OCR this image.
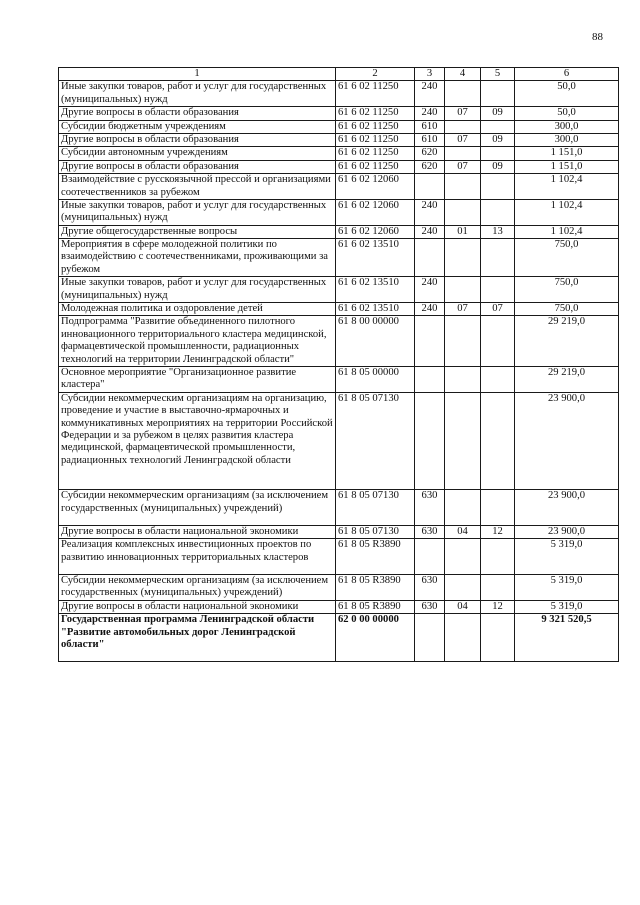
88
1	2	3	4	5	6
Иные закупки товаров, работ и услуг для государственных (муниципальных) нужд	61 6 02 11250	240			50,0
Другие вопросы в области образования	61 6 02 11250	240	07	09	50,0
Субсидии бюджетным учреждениям	61 6 02 11250	610			300,0
Другие вопросы в области образования	61 6 02 11250	610	07	09	300,0
Субсидии автономным учреждениям	61 6 02 11250	620			1 151,0
Другие вопросы в области образования	61 6 02 11250	620	07	09	1 151,0
Взаимодействие с русскоязычной прессой и организациями соотечественников за рубежом	61 6 02 12060				1 102,4
Иные закупки товаров, работ и услуг для государственных (муниципальных) нужд	61 6 02 12060	240			1 102,4
Другие общегосударственные вопросы	61 6 02 12060	240	01	13	1 102,4
Мероприятия в сфере молодежной политики по взаимодействию с соотечественниками, проживающими за рубежом	61 6 02 13510				750,0
Иные закупки товаров, работ и услуг для государственных (муниципальных) нужд	61 6 02 13510	240			750,0
Молодежная политика и оздоровление детей	61 6 02 13510	240	07	07	750,0
Подпрограмма "Развитие объединенного пилотного инновационного территориального кластера медицинской, фармацевтической промышленности, радиационных технологий на территории Ленинградской области"	61 8 00 00000				29 219,0
Основное мероприятие "Организационное развитие кластера"	61 8 05 00000				29 219,0
Субсидии некоммерческим организациям на организацию, проведение и участие в выставочно-ярмарочных и коммуникативных мероприятиях на территории Российской Федерации и за рубежом в целях развития кластера медицинской, фармацевтической промышленности, радиационных технологий Ленинградской области	61 8 05 07130				23 900,0
Субсидии некоммерческим организациям (за исключением государственных (муниципальных) учреждений)	61 8 05 07130	630			23 900,0
Другие вопросы в области национальной экономики	61 8 05 07130	630	04	12	23 900,0
Реализация комплексных инвестиционных проектов по развитию инновационных территориальных кластеров	61 8 05 R3890				5 319,0
Субсидии некоммерческим организациям (за исключением государственных (муниципальных) учреждений)	61 8 05 R3890	630			5 319,0
Другие вопросы в области национальной экономики	61 8 05 R3890	630	04	12	5 319,0
Государственная программа Ленинградской области "Развитие автомобильных дорог Ленинградской области"	62 0 00 00000				9 321 520,5
